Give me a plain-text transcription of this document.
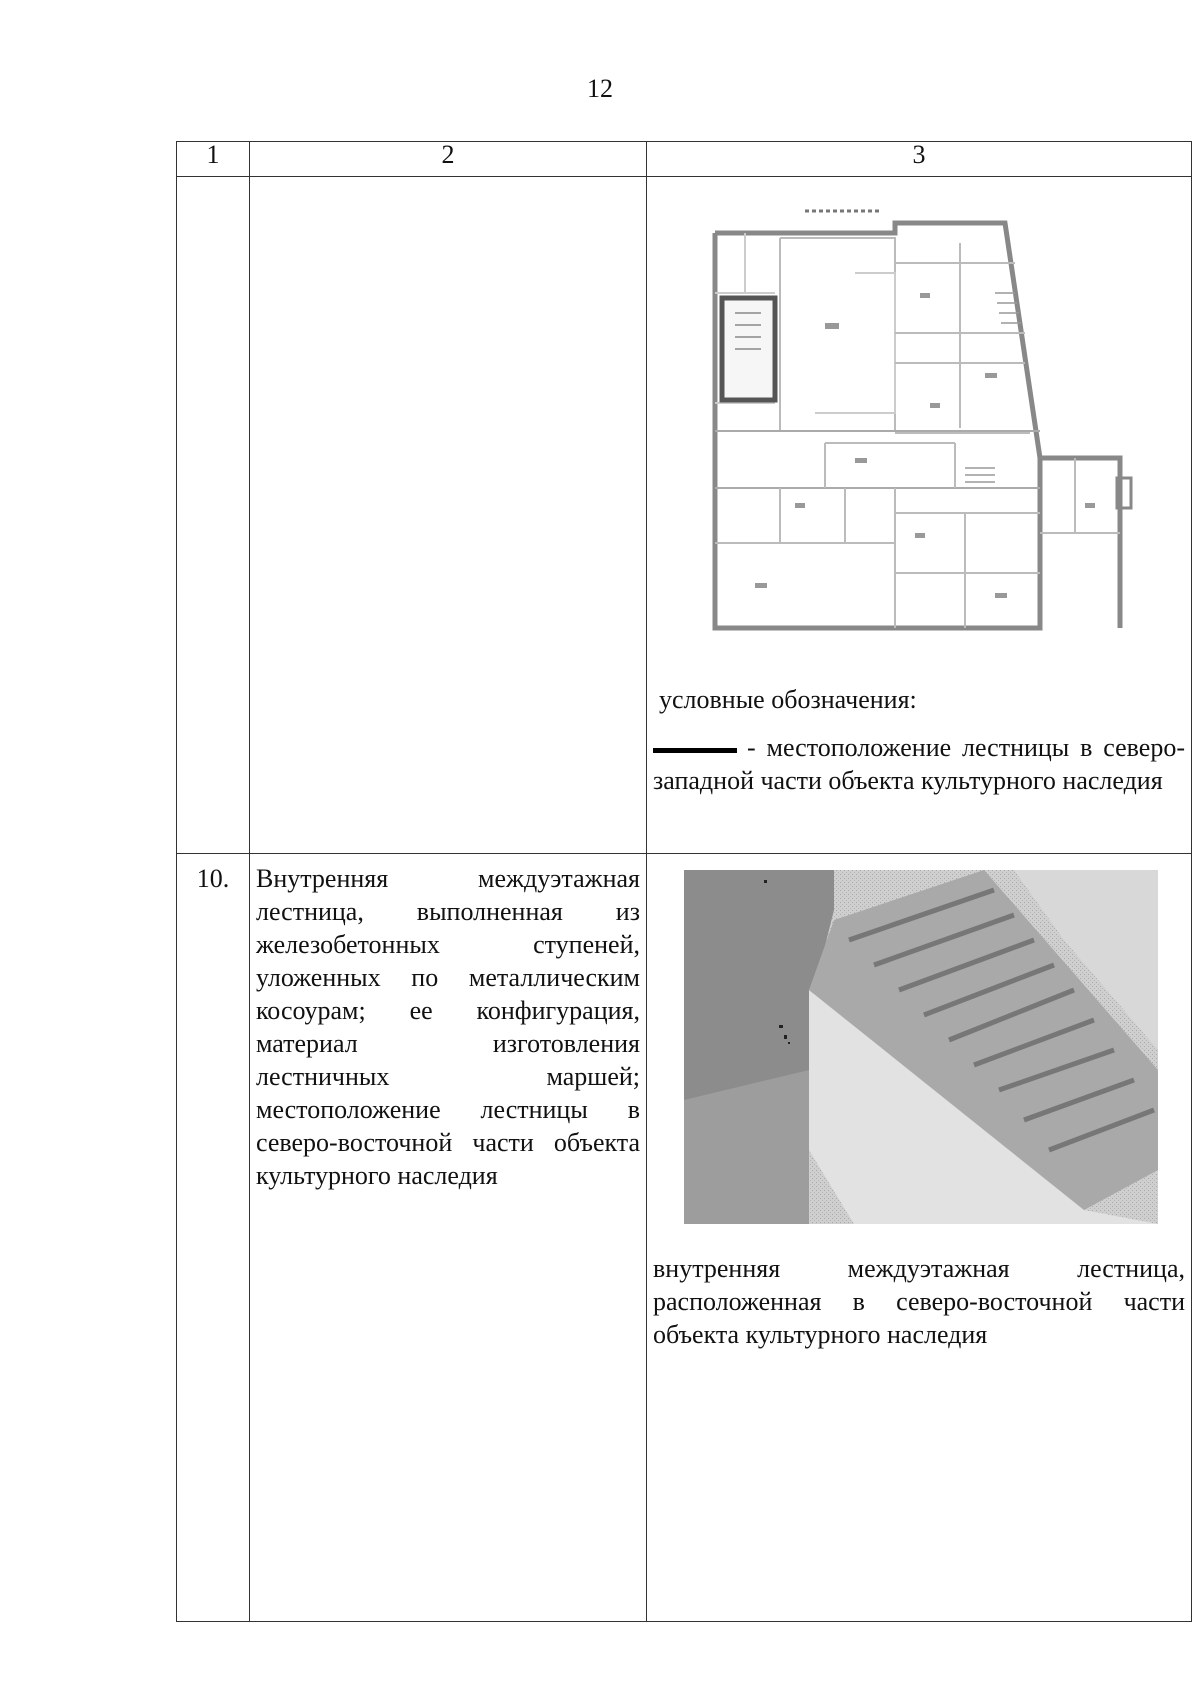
12
1	2	3

		условные обозначения:
- местоположение лестницы в северо- западной части объекта культурного наследия

10.	Внутренняя междуэтажная лестница, выполненная из железобетонных ступеней, уложенных по металлическим косоурам; ее конфигурация, материал изготовления лестничных маршей; местоположение лестницы в северо-восточной части объекта культурного наследия	внутренняя междуэтажная лестница, расположенная в северо-восточной части объекта культурного наследия
